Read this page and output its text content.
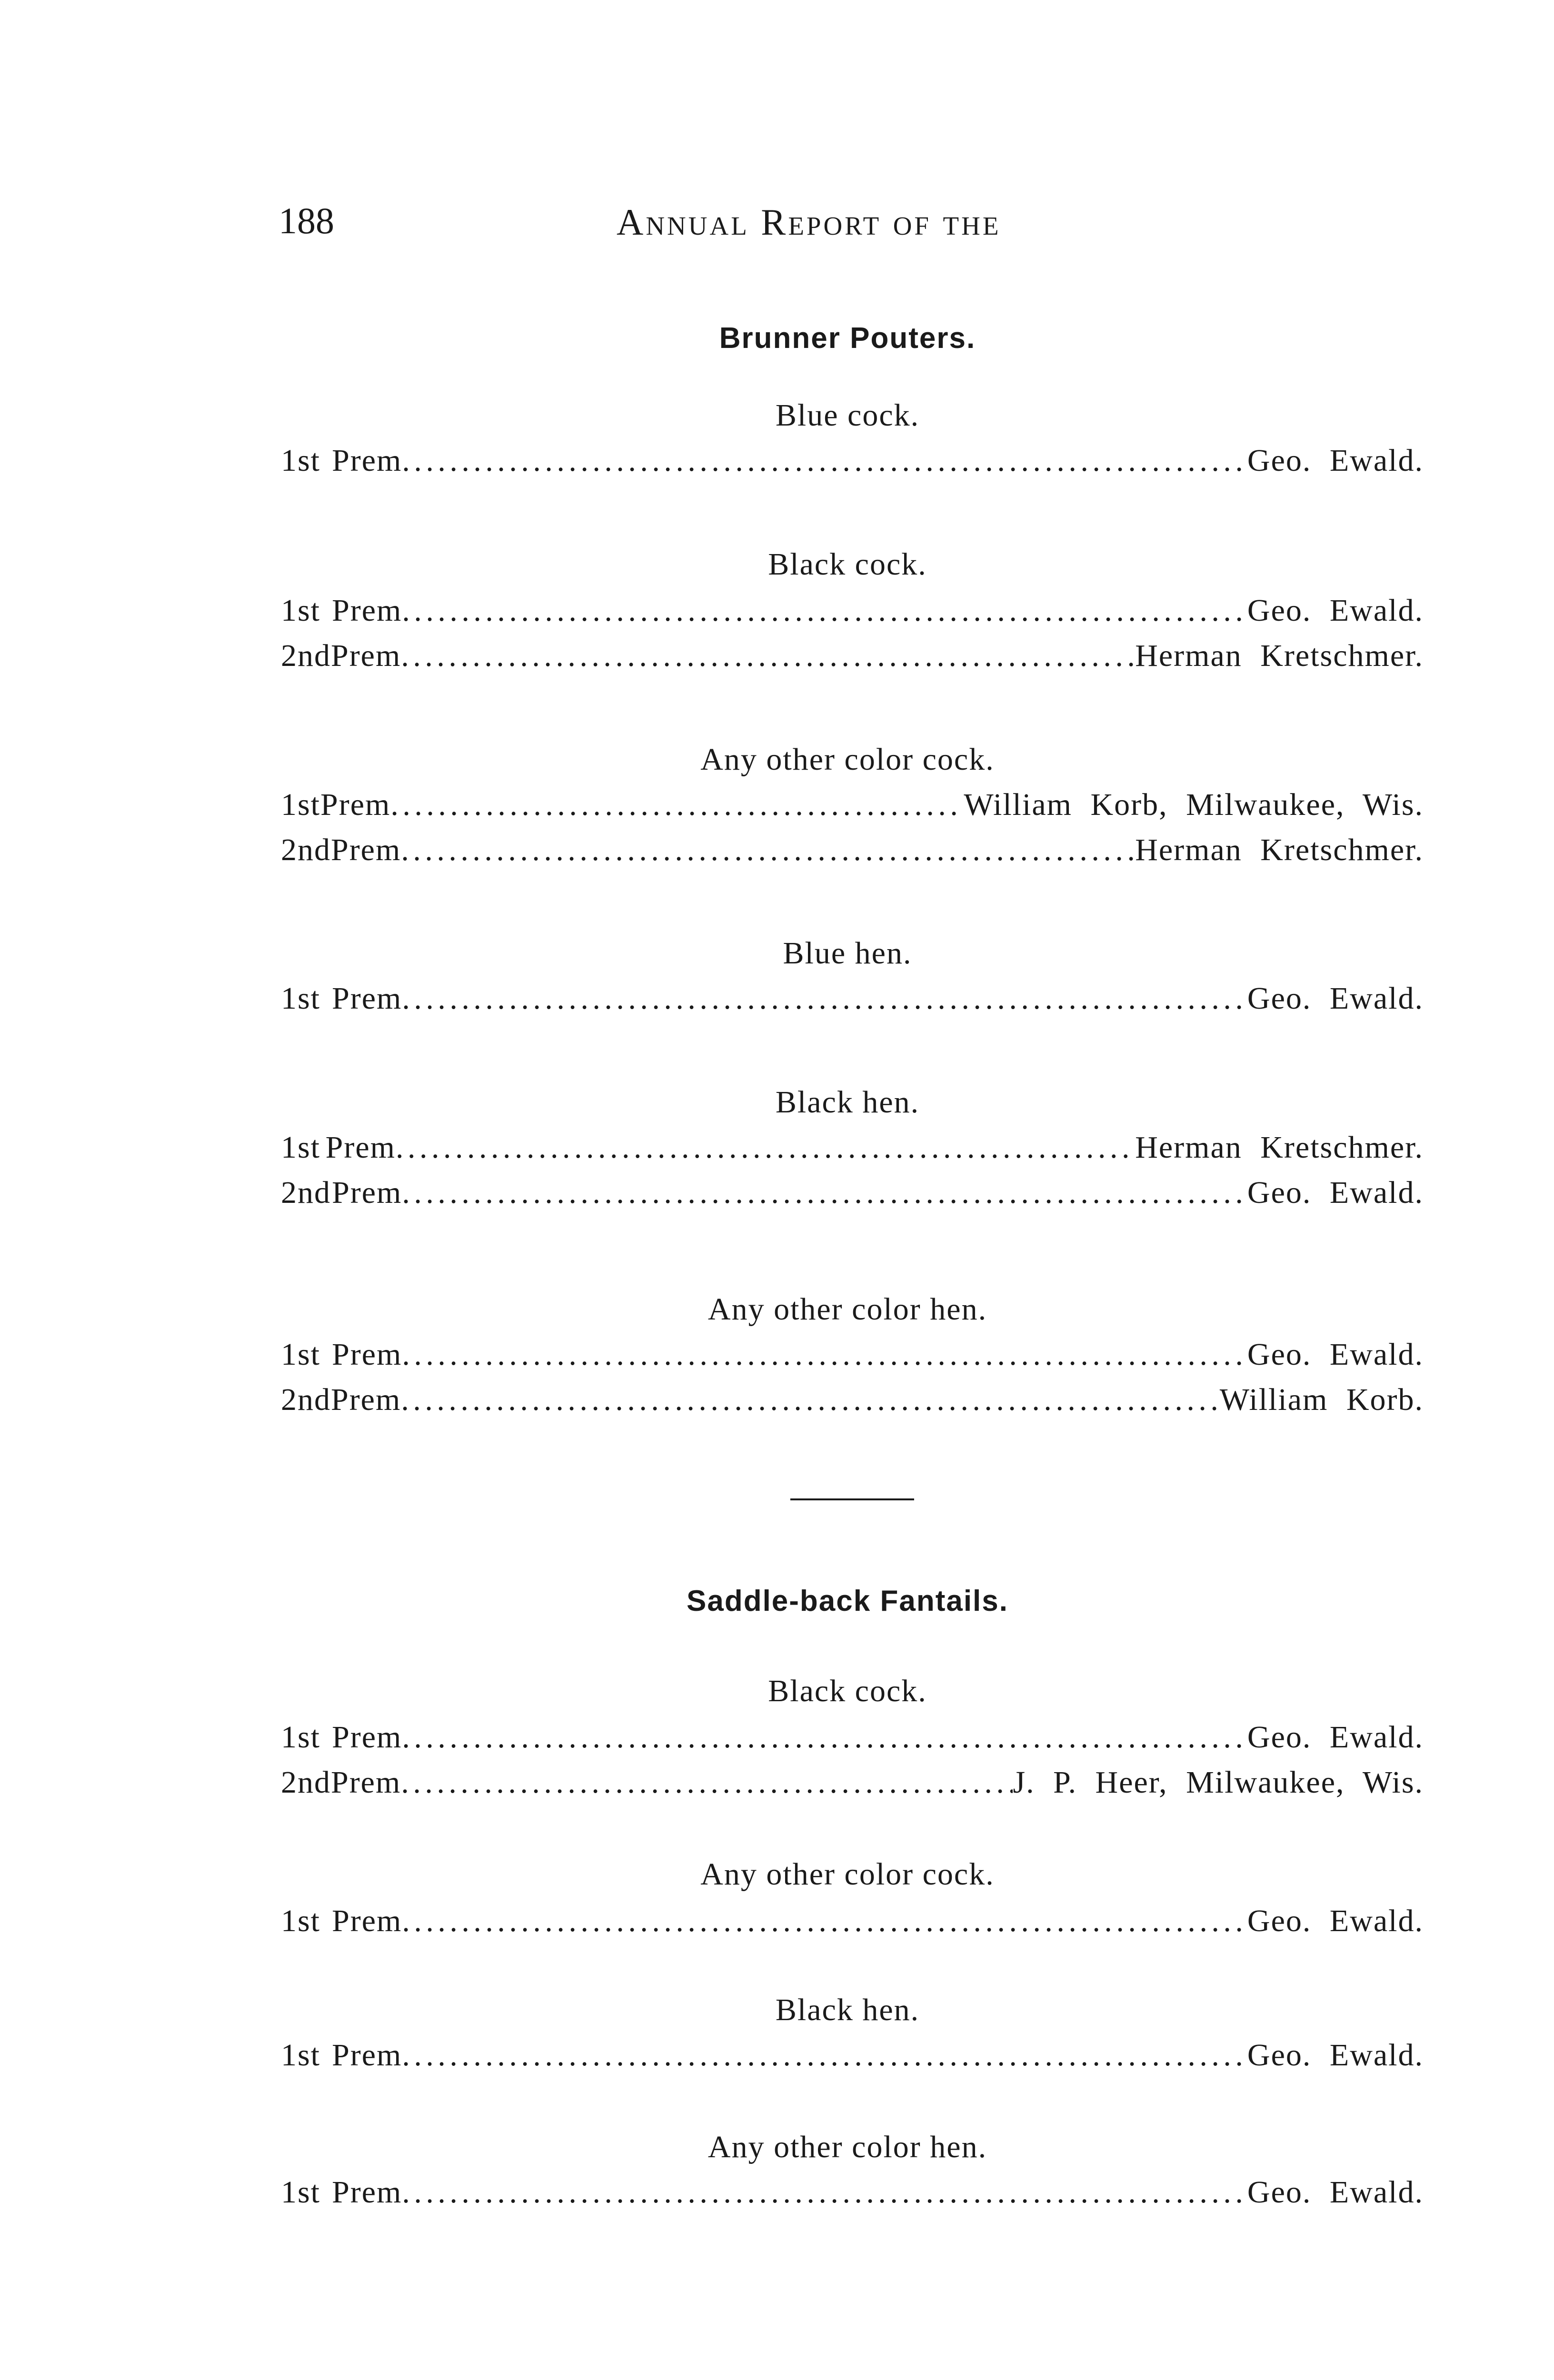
188	Annual Report of the
Brunner Pouters.
Blue cock.
1st Prem . . .	Geo. Ewald.
Black cock.
1st Prem . . .	Geo. Ewald.
2nd Prem . . .	Herman Kretschmer.
Any other color cock.
1st Prem . . .	William Korb, Milwaukee, Wis.
2nd Prem . . .	Herman Kretschmer.
Blue hen.
1st Prem . . .	Geo. Ewald.
Black hen.
1st Prem . . .	Herman Kretschmer.
2nd Prem . . .	Geo. Ewald.
Any other color hen.
1st Prem . . .	Geo. Ewald.
2nd Prem . . .	William Korb.
Saddle-back Fantails.
Black cock.
1st Prem . . .	Geo. Ewald.
2nd Prem . . .	J. P. Heer, Milwaukee, Wis.
Any other color cock.
1st Prem . . .	Geo. Ewald.
Black hen.
1st Prem . . .	Geo. Ewald.
Any other color hen.
1st Prem . . .	Geo. Ewald.
